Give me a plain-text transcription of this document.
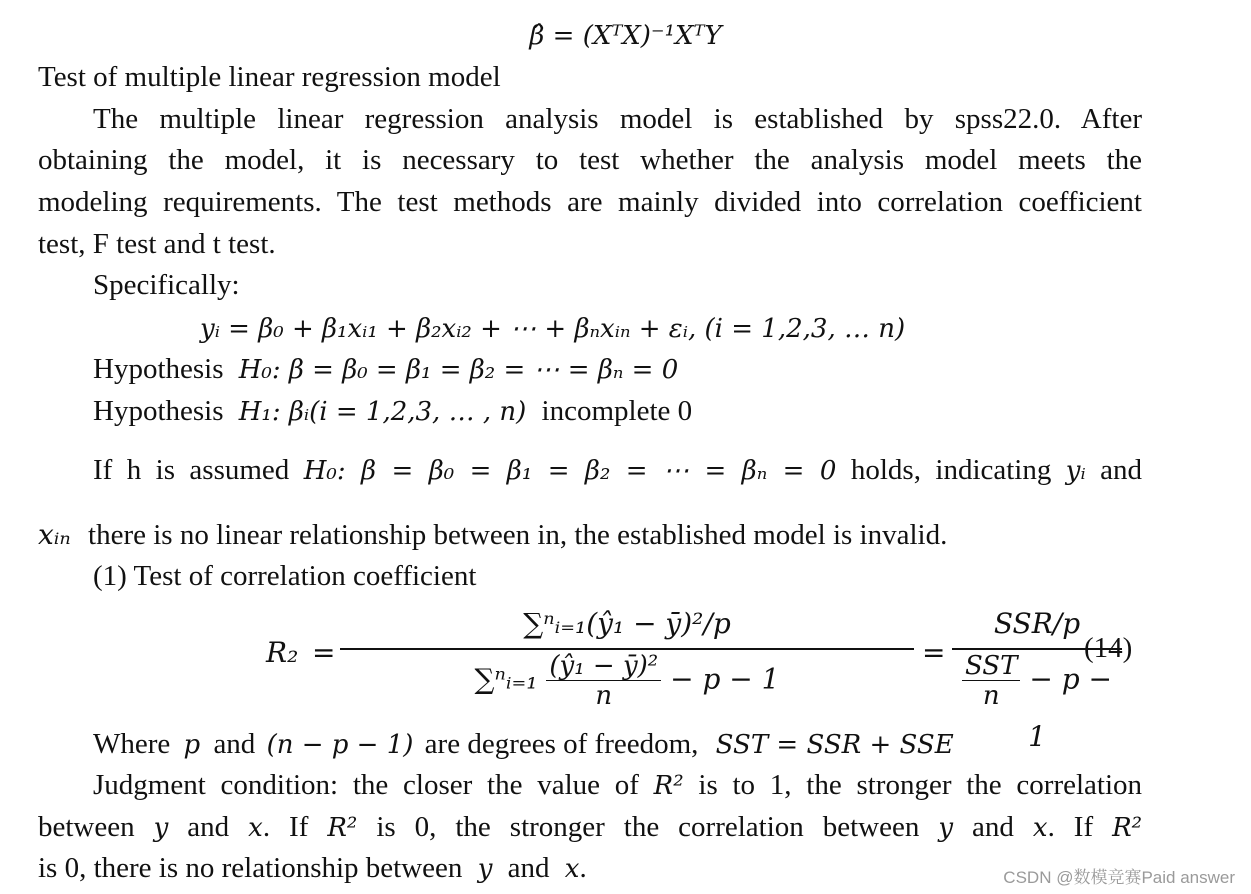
β̂ = (XᵀX)⁻¹XᵀY
Test of multiple linear regression model
The multiple linear regression analysis model is established by spss22.0. After
obtaining the model, it is necessary to test whether the analysis model meets the
modeling requirements. The test methods are mainly divided into correlation coefficient
test, F test and t test.
Specifically:
yᵢ = β₀ + β₁xᵢ₁ + β₂xᵢ₂ + ⋯ + βₙxᵢₙ + εᵢ, (i = 1,2,3, … n)
Hypothesis H₀: β = β₀ = β₁ = β₂ = ⋯ = βₙ = 0
Hypothesis H₁: βᵢ(i = 1,2,3, … , n) incomplete 0
If h is assumed H₀: β = β₀ = β₁ = β₂ = ⋯ = βₙ = 0 holds, indicating yᵢ and
xᵢₙ there is no linear relationship between in, the established model is invalid.
(1) Test of correlation coefficient
R₂ =
∑ⁿᵢ₌₁(ŷ₁ − ȳ)²/p
∑ⁿᵢ₌₁ $\frac{\text{(ŷ₁ − ȳ)²}}{n} - p - 1$
=
SSR/p
SST
n
− p − 1
(14)
Where p and (n − p − 1) are degrees of freedom, SST = SSR + SSE
Judgment condition: the closer the value of R² is to 1, the stronger the correlation
between y and x. If R² is 0, the stronger the correlation between y and x. If R²
is 0, there is no relationship between y and x.	CSDN @数模竞赛Paid answer
